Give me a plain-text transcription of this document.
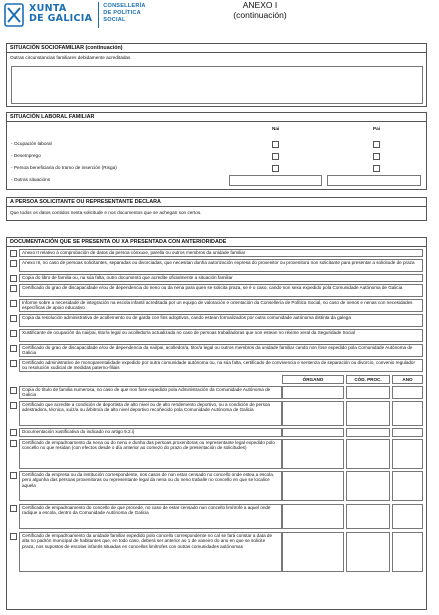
XUNTA
DE GALICIA
CONSELLERÍA
DE POLÍTICA
SOCIAL
ANEXO I
(continuación)
SITUACIÓN SOCIOFAMILIAR (continuación)
Outras circunstancias familiares debidamente acreditadas
SITUACIÓN LABORAL FAMILIAR
Nai	Pai
- Ocupación laboral
- Desemprego
- Persoa beneficiaria do tramo de inserción (Risga)
- Outras situacións
A PERSOA SOLICITANTE OU REPRESENTANTE DECLARA
Que todos os datos contidos nesta solicitude e nos documentos que se achegan son certos.
DOCUMENTACIÓN QUE SE PRESENTA OU XA PRESENTADA CON ANTERIORIDADE
Anexo II relativo á comprobación de datos da persoa cónxuxe, parella ou outros membros da unidade familiar
Anexo III, no caso de persoas solicitantes, separadas ou divorciadas, que necesitan dunha autorización expresa do proxenitor ou proxenitora non solicitante para presentar a solicitude de praza
Copia do libro de familia ou, na súa falta, outro documento que acredite oficialmente a situación familiar
Certificado do grao de discapacidade e/ou de dependencia do neno ou da nena para quen se solicita praza, se é o caso, cando non sexa expedido pola Comunidade Autónoma de Galicia
Informe sobre a necesidade de integración na escola infantil acreditada por un equipo de valoración e orientación da Consellería de Política Social, no caso de nenos e nenas con necesidades específicas de apoio educativo
Copia da resolución administrativa de acollemento ou de garda con fins adoptivos, cando estean formalizados por outra comunidade autónoma distinta da galega
Xustificante de ocupación da nai/pai, titor/a legal ou acolledor/a actualizada no caso de persoas traballadoras que non estean no réxime xeral da Seguridade Social
Certificado do grao de discapacidade e/ou de dependencia da nai/pai, acolledor/a, titor/a legal ou outros membros da unidade familiar cando non fose expedido pola Comunidade Autónoma de Galicia
Certificado administrativo de monoparentalidade expedido por outra comunidade autónoma ou, na súa falta, certificado de convivencia e sentenza de separación ou divorcio, convenio regulador ou resolución xudicial de medidas paterno-filiais
ÓRGANO	CÓD. PROC.	ANO
Copia do título de familia numerosa, no caso de que non fose expedido pola Administración da Comunidade Autónoma de Galicia
Certificado que acredite a condición de deportista de alto nivel ou de alto rendemento deportivo, ou a condición de persoa adestradora, técnica, xuíz/a ou árbitro/a de alto nivel deportivo recoñecido pola Comunidade Autónoma de Galicia
Documentación xustificativa do indicado no artigo 9.2.i)
Certificado de empadroamento da nena ou do neno e dunha das persoas proxenitoras ou representante legal expedido polo concello no que residan (con efectos desde o día anterior ao comezo do prazo de presentación de solicitudes)
Certificado da empresa ou da institución correspondente, nos casos de non estar censado no concello onde estea a escola, pero algunha das persoas proxenitoras ou representante legal da nena ou do neno traballe no concello en que se localice aquela
Certificado de empadroamento do concello de que procede, no caso de estar censado nun concello limítrofe a aquel onde radique a escola, dentro da Comunidade Autónoma de Galicia
Certificado de empadroamento da unidade familiar expedido polo concello correspondente no cal se fará constar a data de alta no padrón municipal de habitantes que, en todo caso, deberá ser anterior ao 1 de xaneiro do ano en que se solicite praza, nos supostos de escolas infantís situadas en concellos limítrofes con outras comunidades autónomas
